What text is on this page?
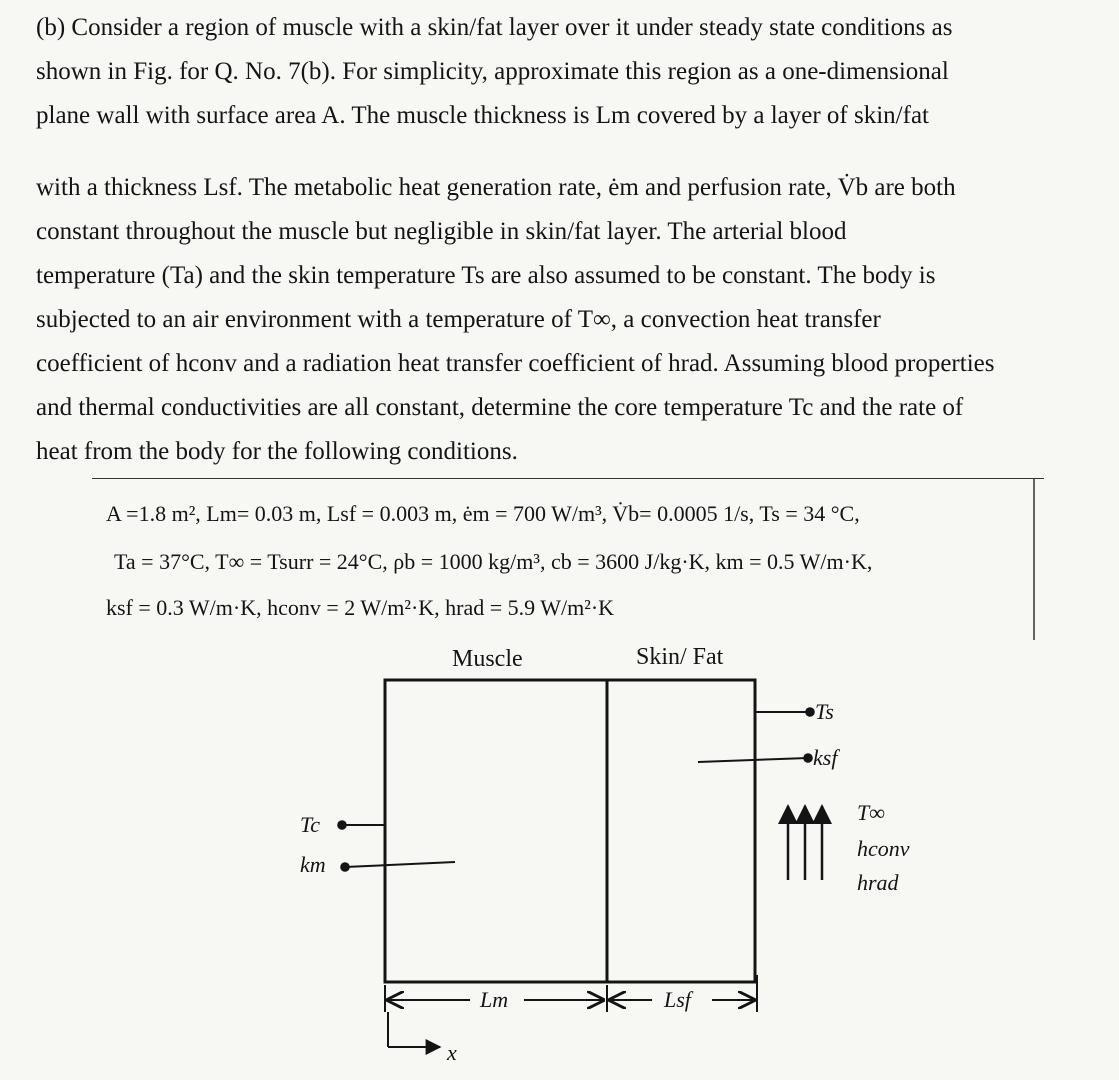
(b) Consider a region of muscle with a skin/fat layer over it under steady state conditions as

shown in Fig. for Q. No. 7(b). For simplicity, approximate this region as a one-dimensional

plane wall with surface area A. The muscle thickness is Lm covered by a layer of skin/fat

with a thickness Lsf. The metabolic heat generation rate, ėm and perfusion rate, V̇b are both

constant throughout the muscle but negligible in skin/fat layer. The arterial blood

temperature (Ta) and the skin temperature Ts are also assumed to be constant. The body is

subjected to an air environment with a temperature of T∞, a convection heat transfer

coefficient of hconv and a radiation heat transfer coefficient of hrad. Assuming blood properties

and thermal conductivities are all constant, determine the core temperature Tc and the rate of

heat from the body for the following conditions.

A =1.8 m², Lm= 0.03 m, Lsf = 0.003 m, ėm = 700 W/m³, V̇b= 0.0005 1/s, Ts = 34 °C,
Ta = 37°C, T∞ = Tsurr = 24°C, ρb = 1000 kg/m³, cb = 3600 J/kg·K, km = 0.5 W/m·K,
ksf = 0.3 W/m·K, hconv = 2 W/m²·K, hrad = 5.9 W/m²·K
Muscle	Skin/ Fat
Ts
ksf
Tc
km
T∞
hconv
hrad
Lm	Lsf
x
